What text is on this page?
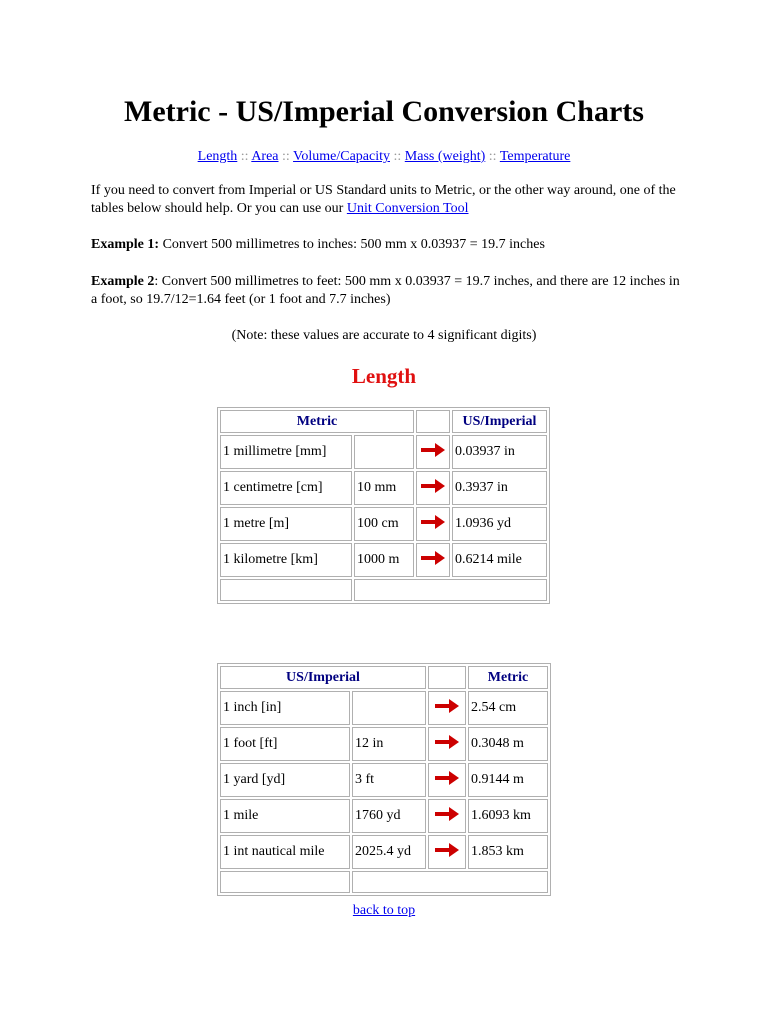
Metric - US/Imperial Conversion Charts
Length :: Area :: Volume/Capacity :: Mass (weight) :: Temperature

If you need to convert from Imperial or US Standard units to Metric, or the other way around, one of the tables below should help. Or you can use our Unit Conversion Tool

Example 1: Convert 500 millimetres to inches: 500 mm x 0.03937 = 19.7 inches

Example 2: Convert 500 millimetres to feet: 500 mm x 0.03937 = 19.7 inches, and there are 12 inches in a foot, so 19.7/12=1.64 feet (or 1 foot and 7.7 inches)

(Note: these values are accurate to 4 significant digits)
Length
Metric			US/Imperial
1 millimetre [mm]			0.03937 in
1 centimetre [cm]	10 mm		0.3937 in
1 metre [m]	100 cm		1.0936 yd
1 kilometre [km]	1000 m		0.6214 mile

US/Imperial			Metric
1 inch [in]			2.54 cm
1 foot [ft]	12 in		0.3048 m
1 yard [yd]	3 ft		0.9144 m
1 mile	1760 yd		1.6093 km
1 int nautical mile	2025.4 yd		1.853 km

back to top
